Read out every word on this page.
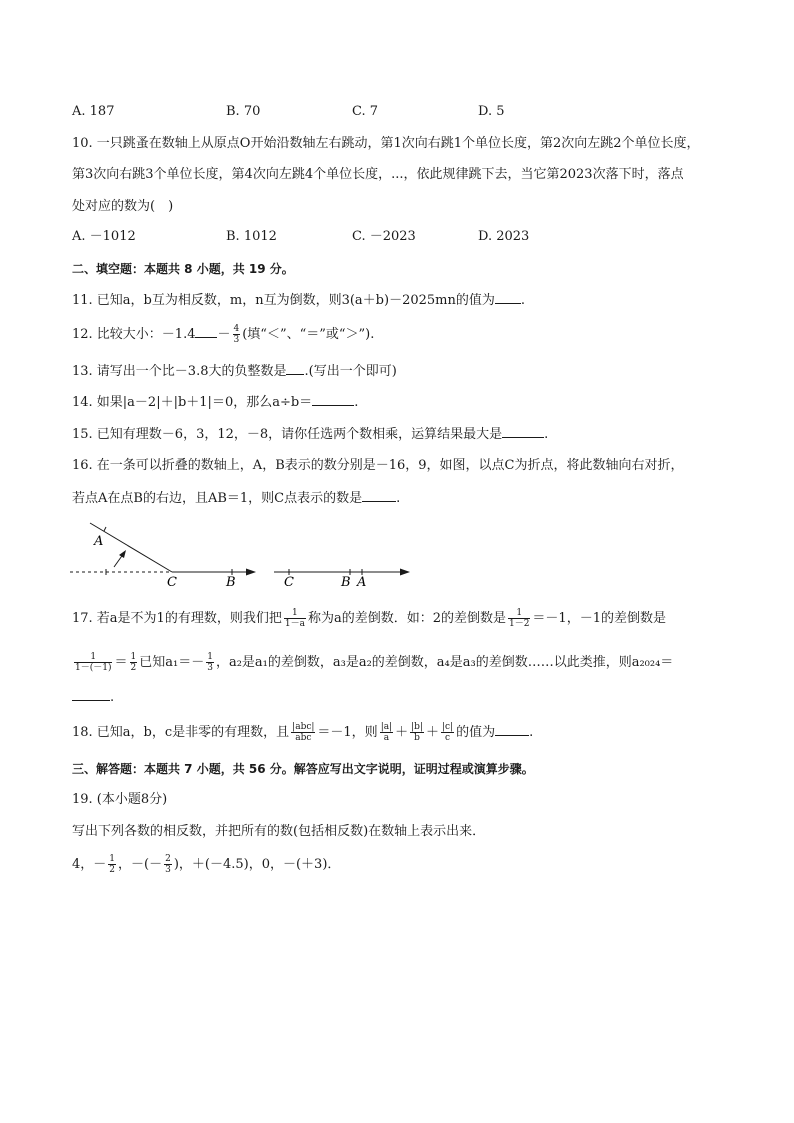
A. 187	B. 70	C. 7	D. 5
10. 一只跳蚤在数轴上从原点O开始沿数轴左右跳动，第1次向右跳1个单位长度，第2次向左跳2个单位长度，
第3次向右跳3个单位长度，第4次向左跳4个单位长度，...，依此规律跳下去，当它第2023次落下时，落点
处对应的数为(　)
A. －1012	B. 1012	C. －2023	D. 2023
二、填空题：本题共 8 小题，共 19 分。
11. 已知a，b互为相反数，m，n互为倒数，则3(a＋b)－2025mn的值为 .
12. 比较大小：$-1.4 - \frac{4}{3}$ (填“＜”、“＝”或“＞”).
13. 请写出一个比－3.8大的负整数是 .(写出一个即可)
14. 如果|a－2|＋|b＋1|＝0，那么a÷b＝	.
15. 已知有理数－6，3，12，－8，请你任选两个数相乘，运算结果最大是	.
16. 在一条可以折叠的数轴上，A，B表示的数分别是－16，9，如图，以点C为折点，将此数轴向右对折，
若点A在点B的右边，且AB＝1，则C点表示的数是	.
A
C	B	C	B A
17. 若a是不为1的有理数，则我们把 $\frac{1}{1-a}$ 称为a的差倒数．如：2的差倒数是 $\frac{1}{1-2} =-1$，－1的差倒数是
$\frac{1}{1-(-1)} = \frac{1}{2}$ 已知$a_1=- \frac{1}{3}$ ，a₂是a₁的差倒数，a₃是a₂的差倒数，a₄是a₃的差倒数……以此类推，则a₂₀₂₄＝
.
18. 已知a，b，c是非零的有理数，且 $\frac{\text{|abc|}}{\text{abc}} =-1$，则 $\frac{|a|}{a} + \frac{|b|}{b} + \frac{|c|}{c}$ 的值为	.
三、解答题：本题共 7 小题，共 56 分。解答应写出文字说明，证明过程或演算步骤。
19. (本小题8分)
写出下列各数的相反数，并把所有的数(包括相反数)在数轴上表示出来．
4，－ $\frac{1}{2}$ ，－(－ $\frac{2}{3}$ )，＋(－4.5)，0，－(＋3)．
